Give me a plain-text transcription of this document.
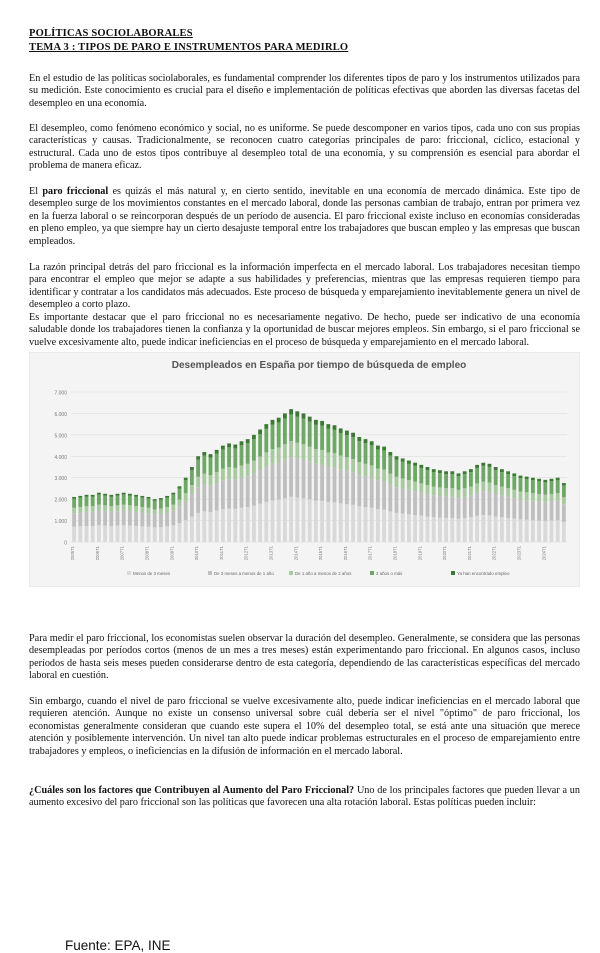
POLÍTICAS SOCIOLABORALES
TEMA 3 : TIPOS DE PARO E INSTRUMENTOS PARA MEDIRLO
En el estudio de las políticas sociolaborales, es fundamental comprender los diferentes tipos de paro y los instrumentos utilizados para su medición. Este conocimiento es crucial para el diseño e implementación de políticas efectivas que aborden las diversas facetas del desempleo en una economía.
El desempleo, como fenómeno económico y social, no es uniforme. Se puede descomponer en varios tipos, cada uno con sus propias características y causas. Tradicionalmente, se reconocen cuatro categorías principales de paro: friccional, cíclico, estacional y estructural. Cada uno de estos tipos contribuye al desempleo total de una economía, y su comprensión es esencial para abordar el problema de manera eficaz.
El paro friccional es quizás el más natural y, en cierto sentido, inevitable en una economía de mercado dinámica. Este tipo de desempleo surge de los movimientos constantes en el mercado laboral, donde las personas cambian de trabajo, entran por primera vez en la fuerza laboral o se reincorporan después de un período de ausencia. El paro friccional existe incluso en economías consideradas en pleno empleo, ya que siempre hay un cierto desajuste temporal entre los trabajadores que buscan empleo y las empresas que buscan empleados.
La razón principal detrás del paro friccional es la información imperfecta en el mercado laboral. Los trabajadores necesitan tiempo para encontrar el empleo que mejor se adapte a sus habilidades y preferencias, mientras que las empresas requieren tiempo para identificar y contratar a los candidatos más adecuados. Este proceso de búsqueda y emparejamiento inevitablemente genera un nivel de desempleo a corto plazo.
Es importante destacar que el paro friccional no es necesariamente negativo. De hecho, puede ser indicativo de una economía saludable donde los trabajadores tienen la confianza y la oportunidad de buscar mejores empleos. Sin embargo, si el paro friccional se vuelve excesivamente alto, puede indicar ineficiencias en el proceso de búsqueda y emparejamiento en el mercado laboral.
Desempleados en España por tiempo de búsqueda de empleo
7.000
6.000
5.000
4.000
3.000
2.000
1.000
0
2005T1	2006T1	2007T1	2008T1	2009T1	2010T1	2011T1	2012T1	2013T1	2014T1	2015T1	2016T1	2017T1	2018T1	2019T1	2020T1	2021T1	2022T1	2023T1	2024T1
Menos de 3 meses	De 3 meses a menos de 1 año	De 1 año a menos de 2 años	2 años o más	Ya han encontrado empleo
Fuente: EPA, INE
Para medir el paro friccional, los economistas suelen observar la duración del desempleo. Generalmente, se considera que las personas desempleadas por períodos cortos (menos de un mes a tres meses) están experimentando paro friccional. En algunos casos, incluso períodos de hasta seis meses pueden considerarse dentro de esta categoría, dependiendo de las características específicas del mercado laboral en cuestión.
Sin embargo, cuando el nivel de paro friccional se vuelve excesivamente alto, puede indicar ineficiencias en el mercado laboral que requieren atención. Aunque no existe un consenso universal sobre cuál debería ser el nivel "óptimo" de paro friccional, los economistas generalmente consideran que cuando este supera el 10% del desempleo total, se está ante una situación que merece atención y posiblemente intervención. Un nivel tan alto puede indicar problemas estructurales en el proceso de emparejamiento entre trabajadores y empleos, o ineficiencias en la difusión de información en el mercado laboral.
¿Cuáles son los factores que Contribuyen al Aumento del Paro Friccional? Uno de los principales factores que pueden llevar a un aumento excesivo del paro friccional son las políticas que favorecen una alta rotación laboral. Estas políticas pueden incluir:
